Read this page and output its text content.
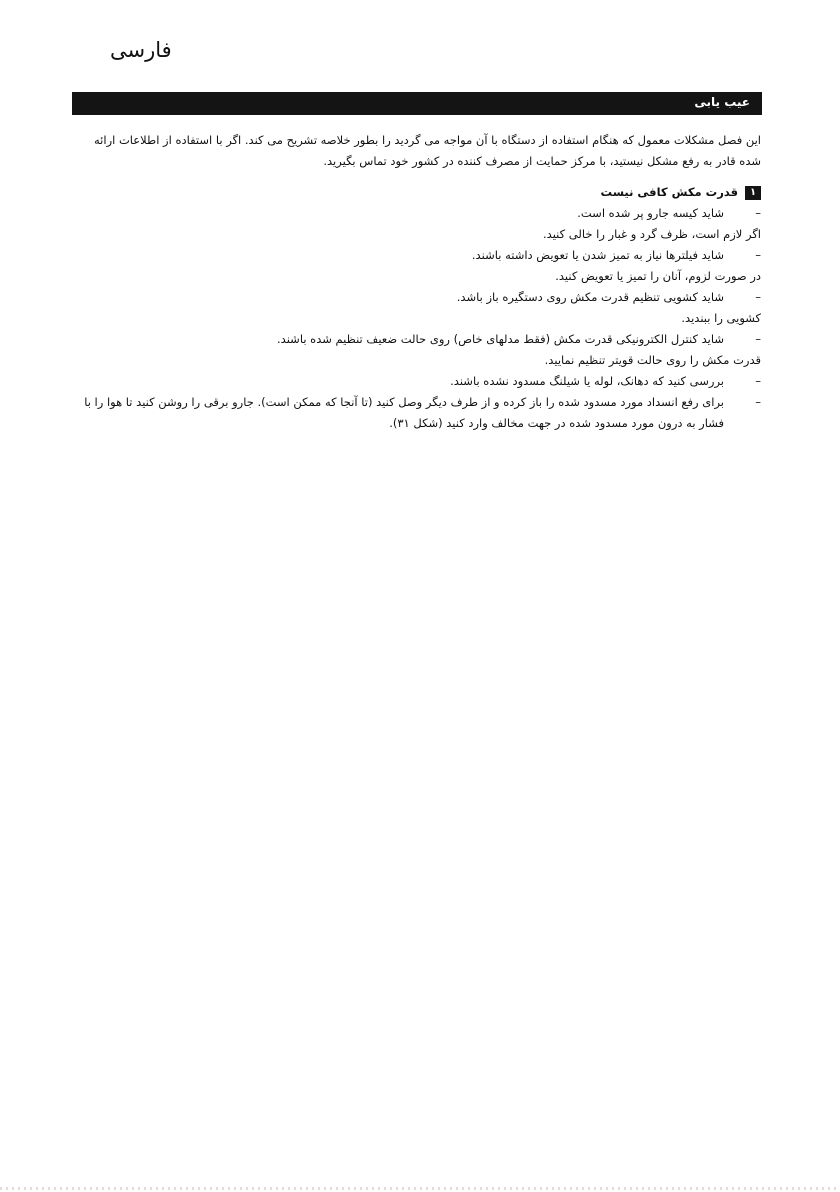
فارسی
عیب یابی

این فصل مشکلات معمول که هنگام استفاده از دستگاه با آن مواجه می گردید را بطور خلاصه تشریح می کند. اگر با استفاده از اطلاعات ارائه شده قادر به رفع مشکل نیستید، با مرکز حمایت از مصرف کننده در کشور خود تماس بگیرید.

۱
قدرت مکش کافی نیست
–
شاید کیسه جارو پر شده است.
اگر لازم است، ظرف گرد و غبار را خالی کنید.
–
شاید فیلترها نیاز به تمیز شدن یا تعویض داشته باشند.
در صورت لزوم، آنان را تمیز یا تعویض کنید.
–
شاید کشویی تنظیم قدرت مکش روی دستگیره باز باشد.
کشویی را ببندید.
–
شاید کنترل الکترونیکی قدرت مکش (فقط مدلهای خاص) روی حالت ضعیف تنظیم شده باشند.
قدرت مکش را روی حالت قویتر تنظیم نمایید.
–
بررسی کنید که دهانک، لوله یا شیلنگ مسدود نشده باشند.
–
برای رفع انسداد مورد مسدود شده را باز کرده و از طرف دیگر وصل کنید (تا آنجا که ممکن است). جارو برقی را روشن کنید تا هوا را با فشار به درون مورد مسدود شده در جهت مخالف وارد کنید (شکل ۳۱).
